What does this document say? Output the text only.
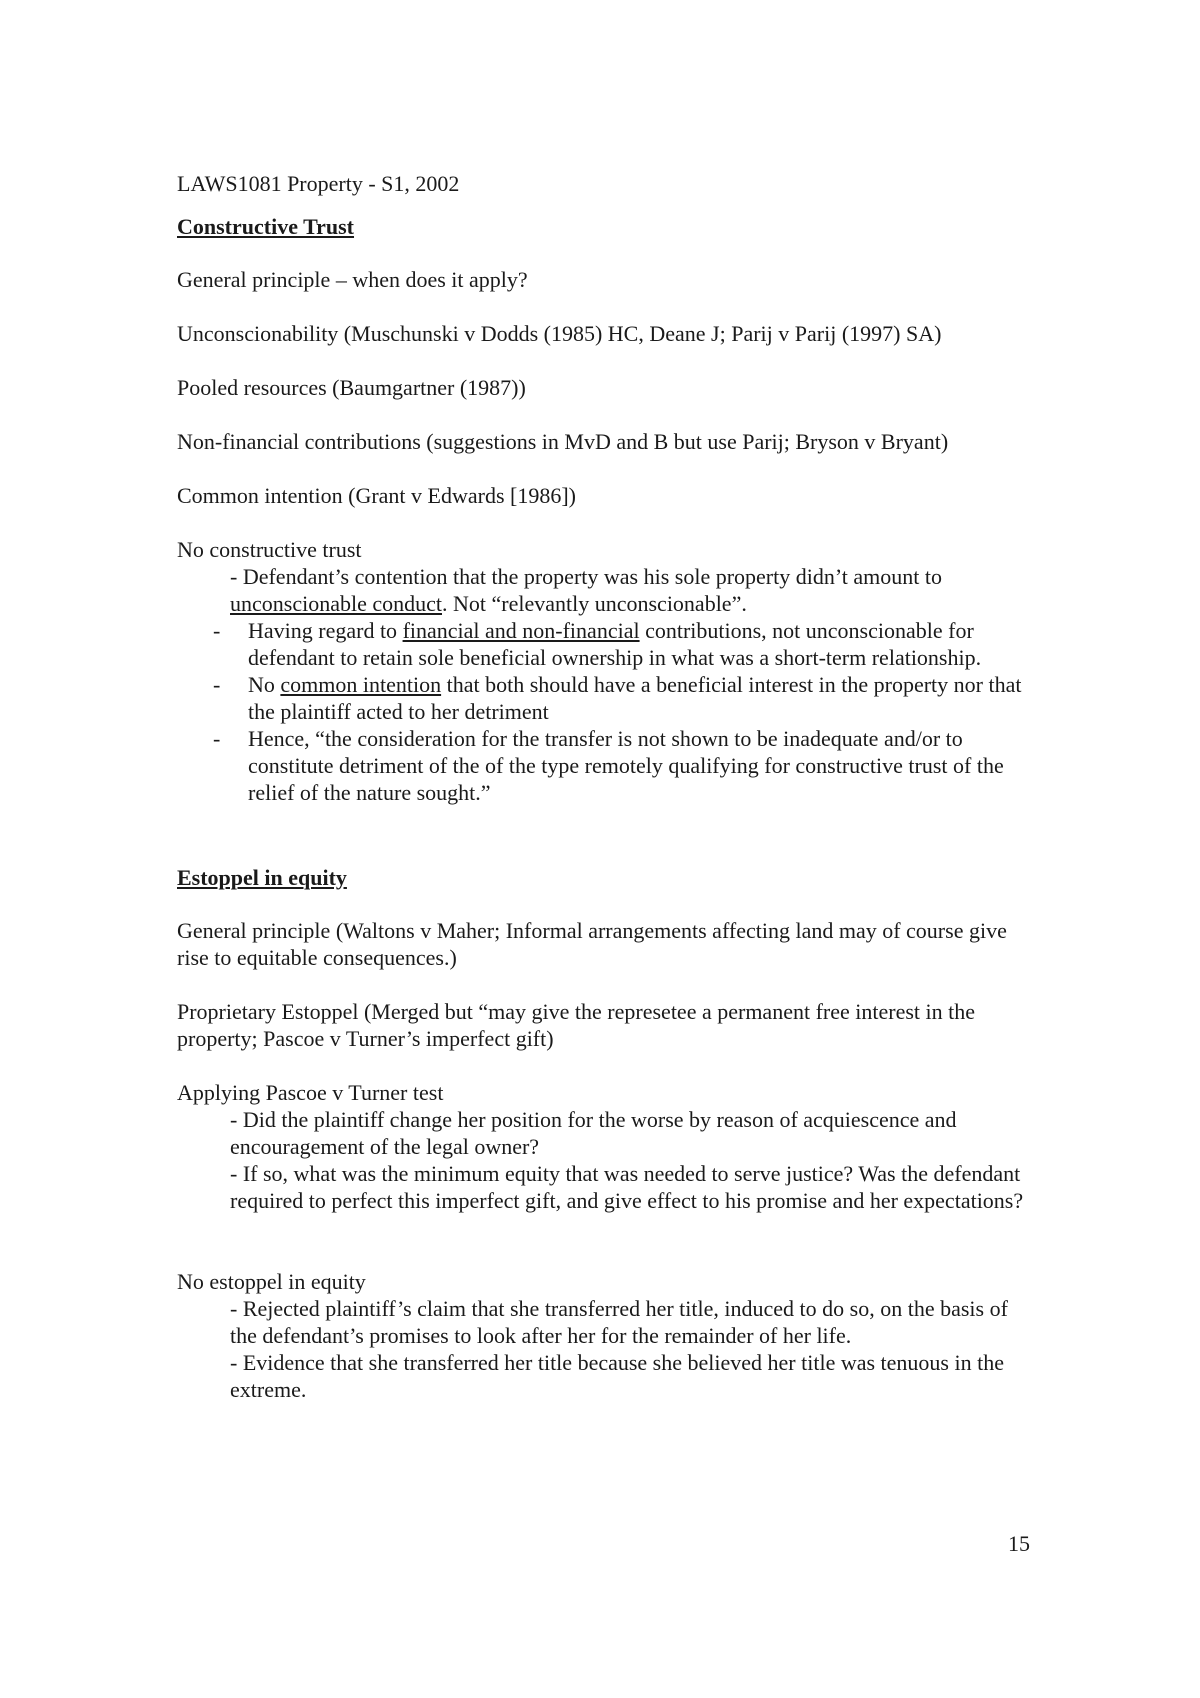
LAWS1081 Property - S1, 2002

Constructive Trust

General principle – when does it apply?

Unconscionability (Muschunski v Dodds (1985) HC, Deane J; Parij v Parij (1997) SA)

Pooled resources (Baumgartner (1987))

Non-financial contributions (suggestions in MvD and B but use Parij; Bryson v Bryant)

Common intention (Grant v Edwards [1986])

No constructive trust

- Defendant’s contention that the property was his sole property didn’t amount to unconscionable conduct. Not “relevantly unconscionable”.

- Having regard to financial and non-financial contributions, not unconscionable for defendant to retain sole beneficial ownership in what was a short-term relationship.
- No common intention that both should have a beneficial interest in the property nor that the plaintiff acted to her detriment
- Hence, “the consideration for the transfer is not shown to be inadequate and/or to constitute detriment of the of the type remotely qualifying for constructive trust of the relief of the nature sought.”

Estoppel in equity

General principle (Waltons v Maher; Informal arrangements affecting land may of course give rise to equitable consequences.)

Proprietary Estoppel (Merged but “may give the represetee a permanent free interest in the property; Pascoe v Turner’s imperfect gift)

Applying Pascoe v Turner test

- Did the plaintiff change her position for the worse by reason of acquiescence and encouragement of the legal owner?

- If so, what was the minimum equity that was needed to serve justice? Was the defendant required to perfect this imperfect gift, and give effect to his promise and her expectations?

No estoppel in equity

- Rejected plaintiff’s claim that she transferred her title, induced to do so, on the basis of the defendant’s promises to look after her for the remainder of her life.

- Evidence that she transferred her title because she believed her title was tenuous in the extreme.

15
